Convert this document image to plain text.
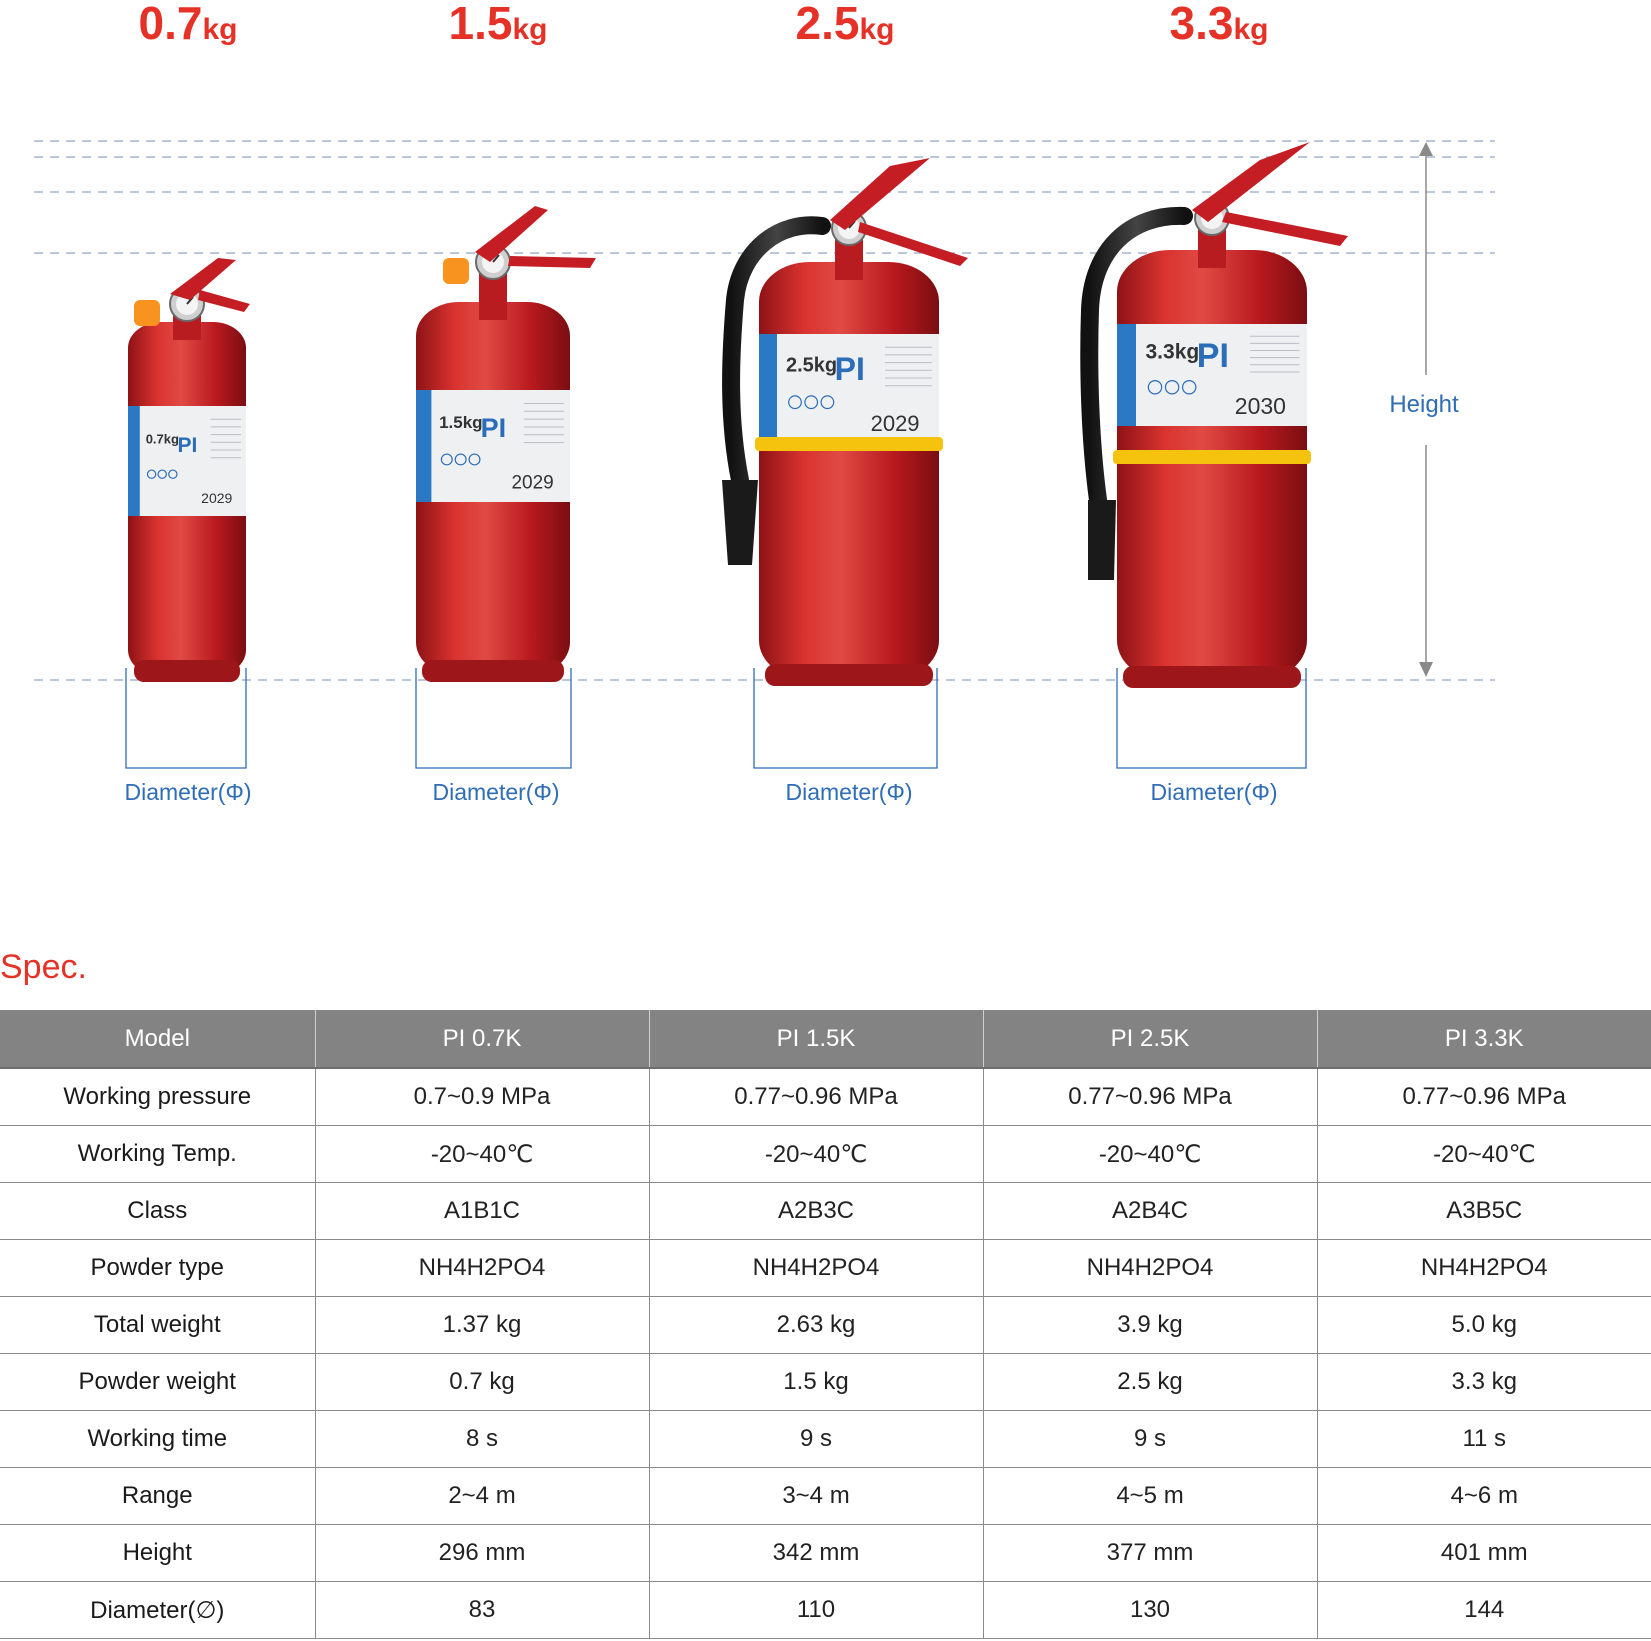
0.7kg
PI
2029
1.5kg
PI
2029
2.5kg
PI
2029
3.3kg
PI
2030
0.7kg	1.5kg	2.5kg	3.3kg
Diameter(Φ)	Diameter(Φ)	Diameter(Φ)	Diameter(Φ)
Height
Spec.
Model	PI 0.7K	PI 1.5K	PI 2.5K	PI 3.3K
Working pressure	0.7~0.9 MPa	0.77~0.96 MPa	0.77~0.96 MPa	0.77~0.96 MPa
Working Temp.	-20~40℃	-20~40℃	-20~40℃	-20~40℃
Class	A1B1C	A2B3C	A2B4C	A3B5C
Powder type	NH4H2PO4	NH4H2PO4	NH4H2PO4	NH4H2PO4
Total weight	1.37 kg	2.63 kg	3.9 kg	5.0 kg
Powder weight	0.7 kg	1.5 kg	2.5 kg	3.3 kg
Working time	8 s	9 s	9 s	11 s
Range	2~4 m	3~4 m	4~5 m	4~6 m
Height	296 mm	342 mm	377 mm	401 mm
Diameter(∅)	83	110	130	144
